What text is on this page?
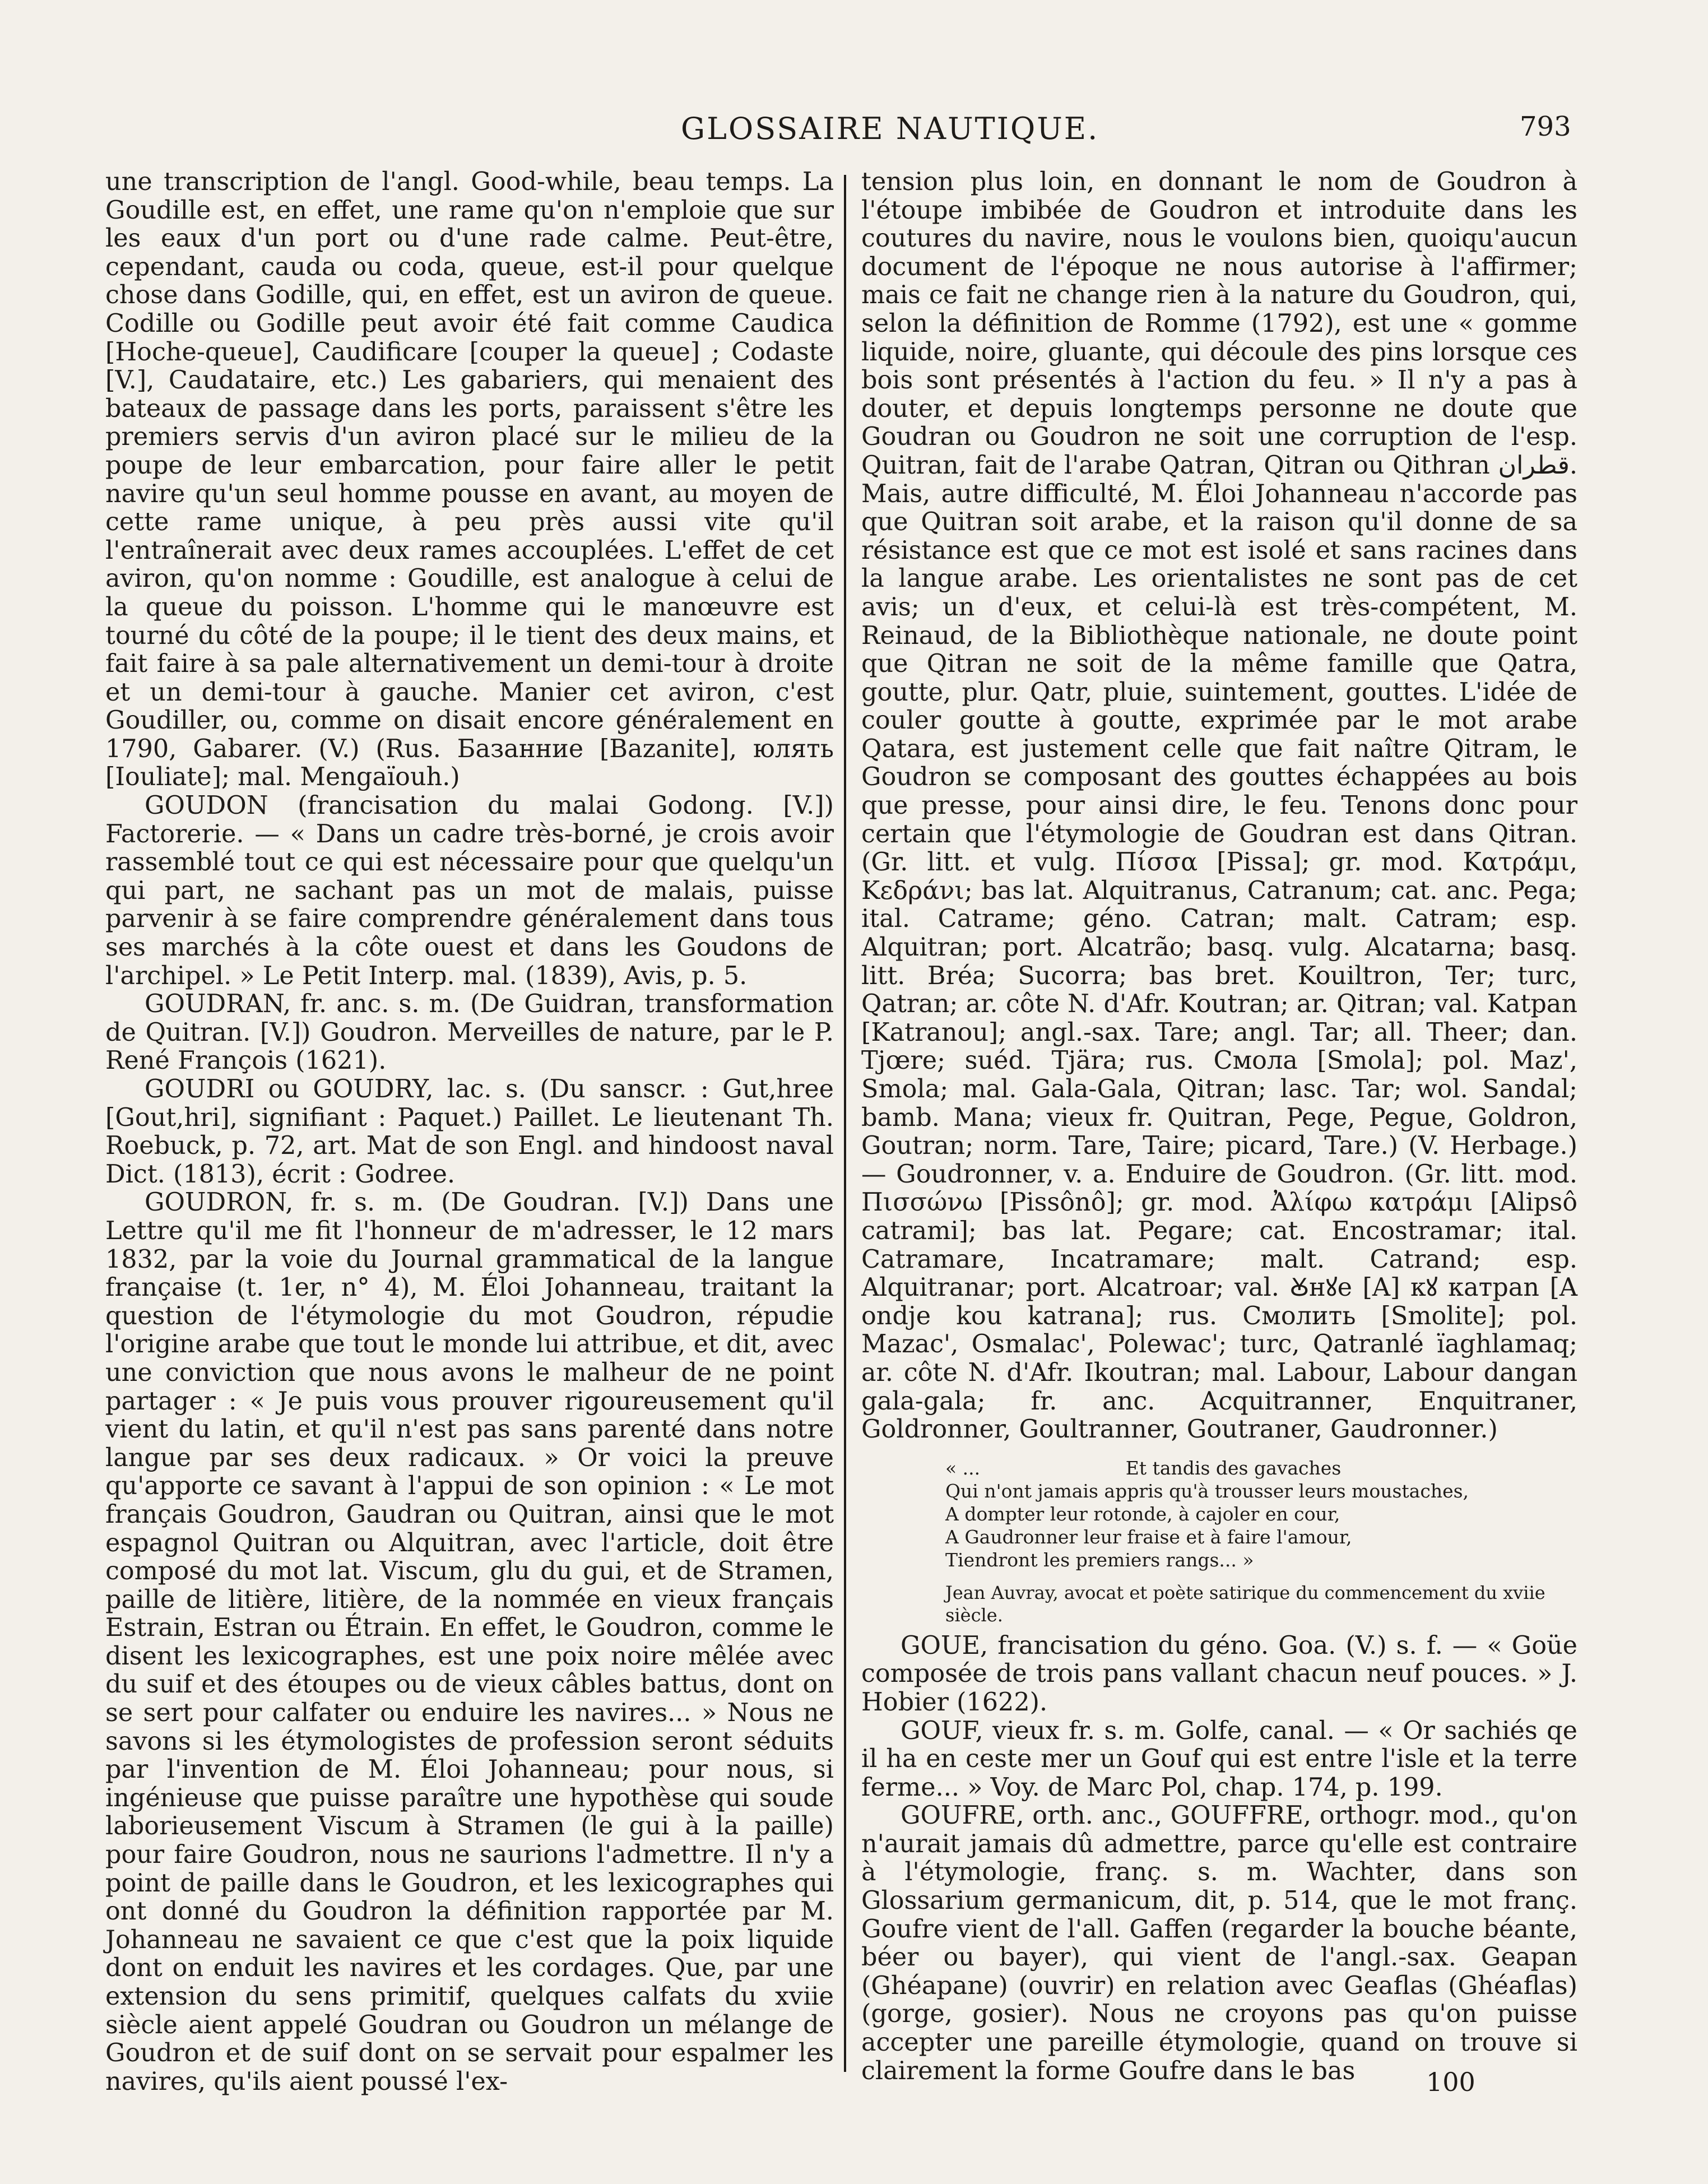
GLOSSAIRE NAUTIQUE.	793

une transcription de l'angl. Good-while, beau temps. La Goudille est, en effet, une rame qu'on n'emploie que sur les eaux d'un port ou d'une rade calme. Peut-être, cependant, cauda ou coda, queue, est-il pour quelque chose dans Godille, qui, en effet, est un aviron de queue. Codille ou Godille peut avoir été fait comme Caudica [Hoche-queue], Caudificare [couper la queue] ; Codaste [V.], Caudataire, etc.) Les gabariers, qui menaient des bateaux de passage dans les ports, paraissent s'être les premiers servis d'un aviron placé sur le milieu de la poupe de leur embarcation, pour faire aller le petit navire qu'un seul homme pousse en avant, au moyen de cette rame unique, à peu près aussi vite qu'il l'entraînerait avec deux rames accouplées. L'effet de cet aviron, qu'on nomme : Goudille, est analogue à celui de la queue du poisson. L'homme qui le manœuvre est tourné du côté de la poupe; il le tient des deux mains, et fait faire à sa pale alternativement un demi-tour à droite et un demi-tour à gauche. Manier cet aviron, c'est Goudiller, ou, comme on disait encore généralement en 1790, Gabarer. (V.) (Rus. Базанние [Bazanite], юлять [Iouliate]; mal. Mengaïouh.)

GOUDON (francisation du malai Godong. [V.]) Factorerie. — « Dans un cadre très-borné, je crois avoir rassemblé tout ce qui est nécessaire pour que quelqu'un qui part, ne sachant pas un mot de malais, puisse parvenir à se faire comprendre généralement dans tous ses marchés à la côte ouest et dans les Goudons de l'archipel. » Le Petit Interp. mal. (1839), Avis, p. 5.

GOUDRAN, fr. anc. s. m. (De Guidran, transformation de Quitran. [V.]) Goudron. Merveilles de nature, par le P. René François (1621).

GOUDRI ou GOUDRY, lac. s. (Du sanscr. : Gut,hree [Gout,hri], signifiant : Paquet.) Paillet. Le lieutenant Th. Roebuck, p. 72, art. Mat de son Engl. and hindoost naval Dict. (1813), écrit : Godree.

GOUDRON, fr. s. m. (De Goudran. [V.]) Dans une Lettre qu'il me fit l'honneur de m'adresser, le 12 mars 1832, par la voie du Journal grammatical de la langue française (t. 1er, n° 4), M. Éloi Johanneau, traitant la question de l'étymologie du mot Goudron, répudie l'origine arabe que tout le monde lui attribue, et dit, avec une conviction que nous avons le malheur de ne point partager : « Je puis vous prouver rigoureusement qu'il vient du latin, et qu'il n'est pas sans parenté dans notre langue par ses deux radicaux. » Or voici la preuve qu'apporte ce savant à l'appui de son opinion : « Le mot français Goudron, Gaudran ou Quitran, ainsi que le mot espagnol Quitran ou Alquitran, avec l'article, doit être composé du mot lat. Viscum, glu du gui, et de Stramen, paille de litière, litière, de la nommée en vieux français Estrain, Estran ou Étrain. En effet, le Goudron, comme le disent les lexicographes, est une poix noire mêlée avec du suif et des étoupes ou de vieux câbles battus, dont on se sert pour calfater ou enduire les navires... » Nous ne savons si les étymologistes de profession seront séduits par l'invention de M. Éloi Johanneau; pour nous, si ingénieuse que puisse paraître une hypothèse qui soude laborieusement Viscum à Stramen (le gui à la paille) pour faire Goudron, nous ne saurions l'admettre. Il n'y a point de paille dans le Goudron, et les lexicographes qui ont donné du Goudron la définition rapportée par M. Johanneau ne savaient ce que c'est que la poix liquide dont on enduit les navires et les cordages. Que, par une extension du sens primitif, quelques calfats du xviie siècle aient appelé Goudran ou Goudron un mélange de Goudron et de suif dont on se servait pour espalmer les navires, qu'ils aient poussé l'ex-

tension plus loin, en donnant le nom de Goudron à l'étoupe imbibée de Goudron et introduite dans les coutures du navire, nous le voulons bien, quoiqu'aucun document de l'époque ne nous autorise à l'affirmer; mais ce fait ne change rien à la nature du Goudron, qui, selon la définition de Romme (1792), est une « gomme liquide, noire, gluante, qui découle des pins lorsque ces bois sont présentés à l'action du feu. » Il n'y a pas à douter, et depuis longtemps personne ne doute que Goudran ou Goudron ne soit une corruption de l'esp. Quitran, fait de l'arabe Qatran, Qitran ou Qithran قطران. Mais, autre difficulté, M. Éloi Johanneau n'accorde pas que Quitran soit arabe, et la raison qu'il donne de sa résistance est que ce mot est isolé et sans racines dans la langue arabe. Les orientalistes ne sont pas de cet avis; un d'eux, et celui-là est très-compétent, M. Reinaud, de la Bibliothèque nationale, ne doute point que Qitran ne soit de la même famille que Qatra, goutte, plur. Qatr, pluie, suintement, gouttes. L'idée de couler goutte à goutte, exprimée par le mot arabe Qatara, est justement celle que fait naître Qitram, le Goudron se composant des gouttes échappées au bois que presse, pour ainsi dire, le feu. Tenons donc pour certain que l'étymologie de Goudran est dans Qitran. (Gr. litt. et vulg. Πίσσα [Pissa]; gr. mod. Κατράμι, Κεδράνι; bas lat. Alquitranus, Catranum; cat. anc. Pega; ital. Catrame; géno. Catran; malt. Catram; esp. Alquitran; port. Alcatrão; basq. vulg. Alcatarna; basq. litt. Bréa; Sucorra; bas bret. Kouiltron, Ter; turc, Qatran; ar. côte N. d'Afr. Koutran; ar. Qitran; val. Katpan [Katranou]; angl.-sax. Tare; angl. Tar; all. Theer; dan. Tjœre; suéd. Tjära; rus. Смола [Smola]; pol. Maz', Smola; mal. Gala-Gala, Qitran; lasc. Tar; wol. Sandal; bamb. Mana; vieux fr. Quitran, Pege, Pegue, Goldron, Goutran; norm. Tare, Taire; picard, Tare.) (V. Herbage.) — Goudronner, v. a. Enduire de Goudron. (Gr. litt. mod. Πισσώνω [Pissônô]; gr. mod. Ἀλίφω κατράμι [Alipsô catrami]; bas lat. Pegare; cat. Encostramar; ital. Catramare, Incatramare; malt. Catrand; esp. Alquitranar; port. Alcatroar; val. Ꙋнꙋе [A] кꙋ катpan [A ondje kou katrana]; rus. Смолить [Smolite]; pol. Mazac', Osmalac', Polewac'; turc, Qatranlé ïaghlamaq; ar. côte N. d'Afr. Ikoutran; mal. Labour, Labour dangan gala-gala; fr. anc. Acquitranner, Enquitraner, Goldronner, Goultranner, Goutraner, Gaudronner.)

« ...	Et tandis des gavaches
Qui n'ont jamais appris qu'à trousser leurs moustaches,
A dompter leur rotonde, à cajoler en cour,
A Gaudronner leur fraise et à faire l'amour,
Tiendront les premiers rangs... »

Jean Auvray, avocat et poète satirique du commencement du xviie siècle.

GOUE, francisation du géno. Goa. (V.) s. f. — « Goüe composée de trois pans vallant chacun neuf pouces. » J. Hobier (1622).

GOUF, vieux fr. s. m. Golfe, canal. — « Or sachiés qe il ha en ceste mer un Gouf qui est entre l'isle et la terre ferme... » Voy. de Marc Pol, chap. 174, p. 199.

GOUFRE, orth. anc., GOUFFRE, orthogr. mod., qu'on n'aurait jamais dû admettre, parce qu'elle est contraire à l'étymologie, franç. s. m. Wachter, dans son Glossarium germanicum, dit, p. 514, que le mot franç. Goufre vient de l'all. Gaffen (regarder la bouche béante, béer ou bayer), qui vient de l'angl.-sax. Geapan (Ghéapane) (ouvrir) en relation avec Geaflas (Ghéaflas) (gorge, gosier). Nous ne croyons pas qu'on puisse accepter une pareille étymologie, quand on trouve si clairement la forme Goufre dans le bas	100
